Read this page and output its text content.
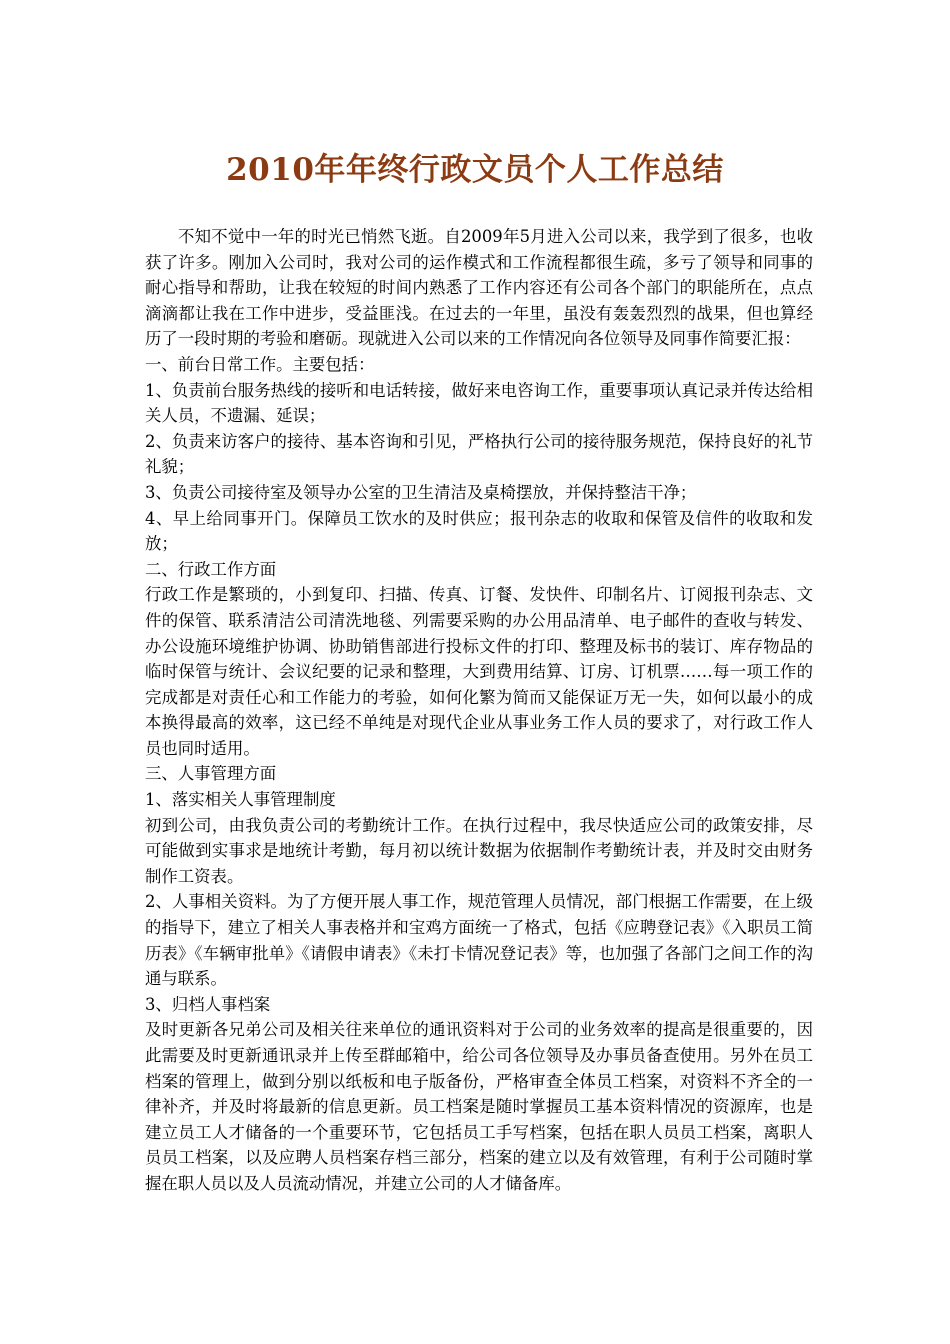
2010年年终行政文员个人工作总结

不知不觉中一年的时光已悄然飞逝。自2009年5月进入公司以来，我学到了很多，也收获了许多。刚加入公司时，我对公司的运作模式和工作流程都很生疏，多亏了领导和同事的耐心指导和帮助，让我在较短的时间内熟悉了工作内容还有公司各个部门的职能所在，点点滴滴都让我在工作中进步，受益匪浅。在过去的一年里，虽没有轰轰烈烈的战果，但也算经历了一段时期的考验和磨砺。现就进入公司以来的工作情况向各位领导及同事作简要汇报：

一、前台日常工作。主要包括：

1、负责前台服务热线的接听和电话转接，做好来电咨询工作，重要事项认真记录并传达给相关人员，不遗漏、延误；

2、负责来访客户的接待、基本咨询和引见，严格执行公司的接待服务规范，保持良好的礼节礼貌；

3、负责公司接待室及领导办公室的卫生清洁及桌椅摆放，并保持整洁干净；

4、早上给同事开门。保障员工饮水的及时供应；报刊杂志的收取和保管及信件的收取和发放；

二、行政工作方面

行政工作是繁琐的，小到复印、扫描、传真、订餐、发快件、印制名片、订阅报刊杂志、文件的保管、联系清洁公司清洗地毯、列需要采购的办公用品清单、电子邮件的查收与转发、办公设施环境维护协调、协助销售部进行投标文件的打印、整理及标书的装订、库存物品的临时保管与统计、会议纪要的记录和整理，大到费用结算、订房、订机票……每一项工作的完成都是对责任心和工作能力的考验，如何化繁为简而又能保证万无一失，如何以最小的成本换得最高的效率，这已经不单纯是对现代企业从事业务工作人员的要求了，对行政工作人员也同时适用。

三、人事管理方面

1、落实相关人事管理制度

初到公司，由我负责公司的考勤统计工作。在执行过程中，我尽快适应公司的政策安排，尽可能做到实事求是地统计考勤，每月初以统计数据为依据制作考勤统计表，并及时交由财务制作工资表。

2、人事相关资料。为了方便开展人事工作，规范管理人员情况，部门根据工作需要，在上级的指导下，建立了相关人事表格并和宝鸡方面统一了格式，包括《应聘登记表》《入职员工简历表》《车辆审批单》《请假申请表》《未打卡情况登记表》等，也加强了各部门之间工作的沟通与联系。

3、归档人事档案

及时更新各兄弟公司及相关往来单位的通讯资料对于公司的业务效率的提高是很重要的，因此需要及时更新通讯录并上传至群邮箱中，给公司各位领导及办事员备查使用。另外在员工档案的管理上，做到分别以纸板和电子版备份，严格审查全体员工档案，对资料不齐全的一律补齐，并及时将最新的信息更新。员工档案是随时掌握员工基本资料情况的资源库，也是建立员工人才储备的一个重要环节，它包括员工手写档案，包括在职人员员工档案，离职人员员工档案，以及应聘人员档案存档三部分，档案的建立以及有效管理，有利于公司随时掌握在职人员以及人员流动情况，并建立公司的人才储备库。
